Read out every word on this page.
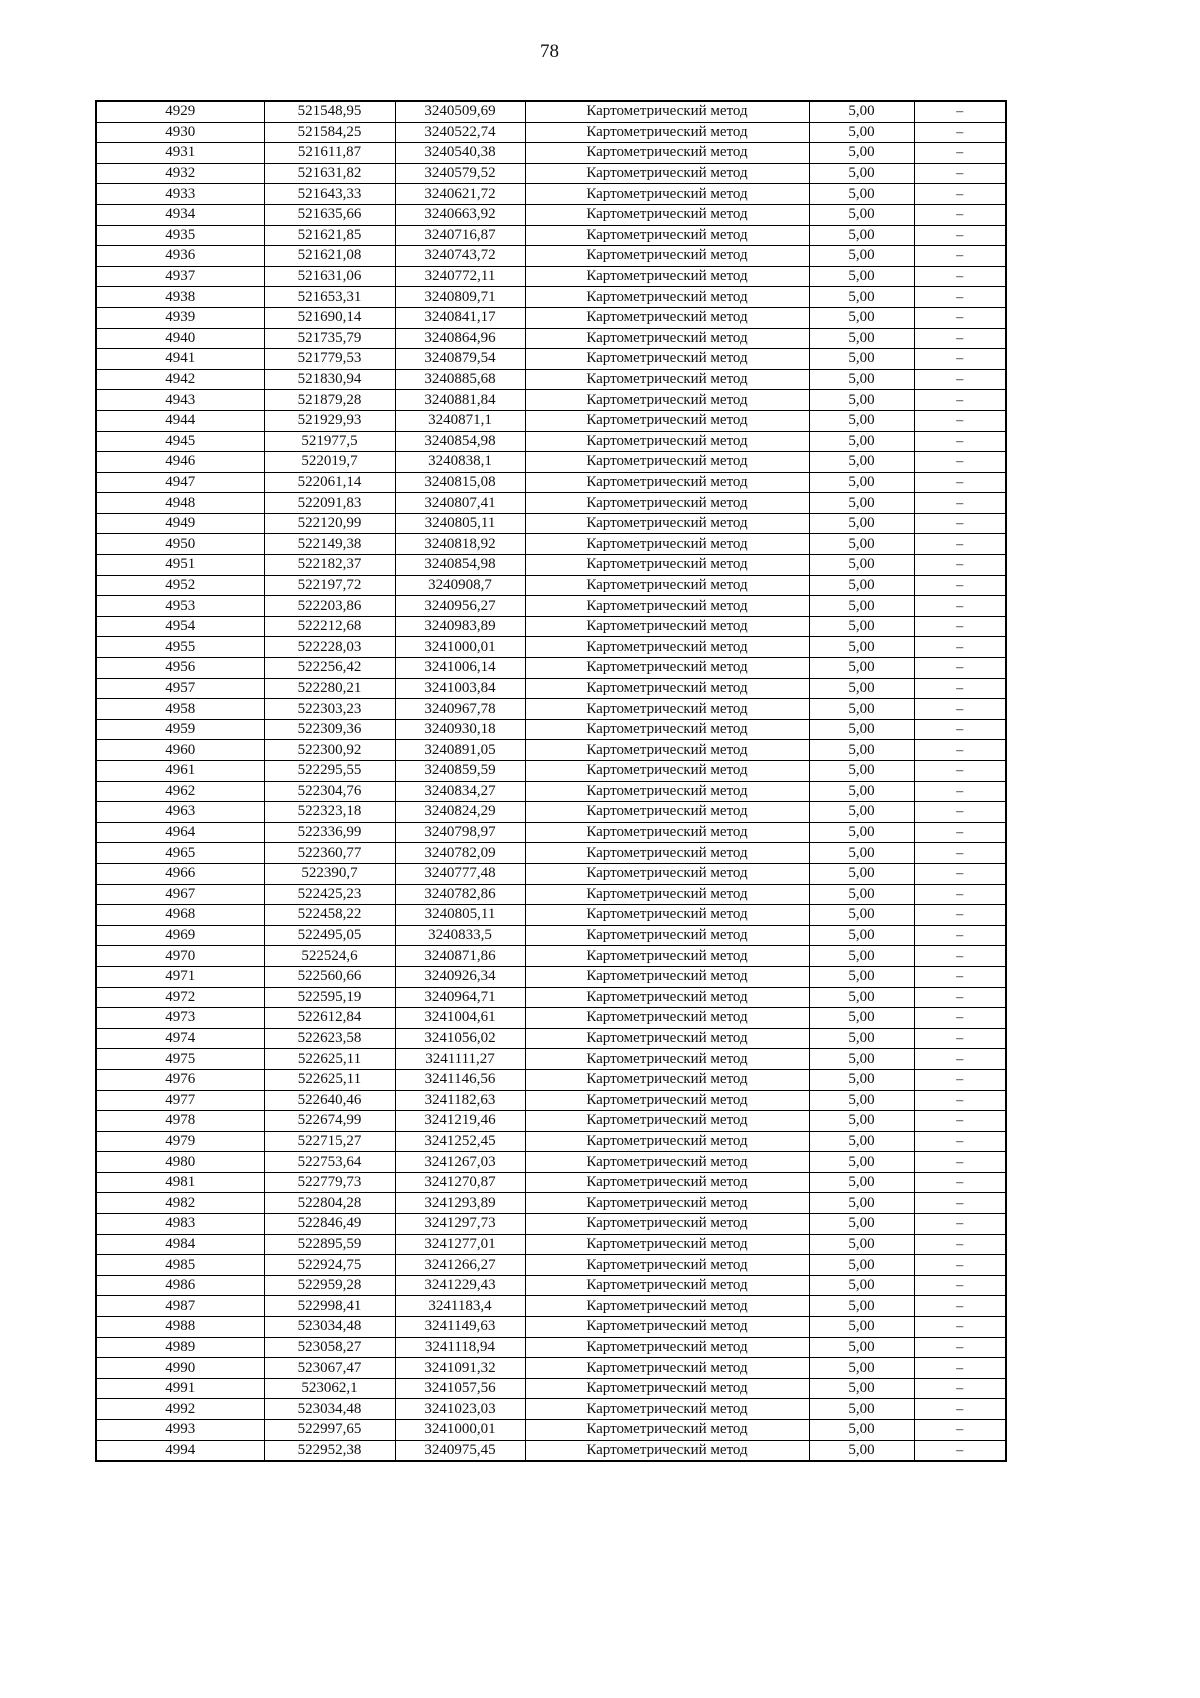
78
4929	521548,95	3240509,69	Картометрический метод	5,00	–
4930	521584,25	3240522,74	Картометрический метод	5,00	–
4931	521611,87	3240540,38	Картометрический метод	5,00	–
4932	521631,82	3240579,52	Картометрический метод	5,00	–
4933	521643,33	3240621,72	Картометрический метод	5,00	–
4934	521635,66	3240663,92	Картометрический метод	5,00	–
4935	521621,85	3240716,87	Картометрический метод	5,00	–
4936	521621,08	3240743,72	Картометрический метод	5,00	–
4937	521631,06	3240772,11	Картометрический метод	5,00	–
4938	521653,31	3240809,71	Картометрический метод	5,00	–
4939	521690,14	3240841,17	Картометрический метод	5,00	–
4940	521735,79	3240864,96	Картометрический метод	5,00	–
4941	521779,53	3240879,54	Картометрический метод	5,00	–
4942	521830,94	3240885,68	Картометрический метод	5,00	–
4943	521879,28	3240881,84	Картометрический метод	5,00	–
4944	521929,93	3240871,1	Картометрический метод	5,00	–
4945	521977,5	3240854,98	Картометрический метод	5,00	–
4946	522019,7	3240838,1	Картометрический метод	5,00	–
4947	522061,14	3240815,08	Картометрический метод	5,00	–
4948	522091,83	3240807,41	Картометрический метод	5,00	–
4949	522120,99	3240805,11	Картометрический метод	5,00	–
4950	522149,38	3240818,92	Картометрический метод	5,00	–
4951	522182,37	3240854,98	Картометрический метод	5,00	–
4952	522197,72	3240908,7	Картометрический метод	5,00	–
4953	522203,86	3240956,27	Картометрический метод	5,00	–
4954	522212,68	3240983,89	Картометрический метод	5,00	–
4955	522228,03	3241000,01	Картометрический метод	5,00	–
4956	522256,42	3241006,14	Картометрический метод	5,00	–
4957	522280,21	3241003,84	Картометрический метод	5,00	–
4958	522303,23	3240967,78	Картометрический метод	5,00	–
4959	522309,36	3240930,18	Картометрический метод	5,00	–
4960	522300,92	3240891,05	Картометрический метод	5,00	–
4961	522295,55	3240859,59	Картометрический метод	5,00	–
4962	522304,76	3240834,27	Картометрический метод	5,00	–
4963	522323,18	3240824,29	Картометрический метод	5,00	–
4964	522336,99	3240798,97	Картометрический метод	5,00	–
4965	522360,77	3240782,09	Картометрический метод	5,00	–
4966	522390,7	3240777,48	Картометрический метод	5,00	–
4967	522425,23	3240782,86	Картометрический метод	5,00	–
4968	522458,22	3240805,11	Картометрический метод	5,00	–
4969	522495,05	3240833,5	Картометрический метод	5,00	–
4970	522524,6	3240871,86	Картометрический метод	5,00	–
4971	522560,66	3240926,34	Картометрический метод	5,00	–
4972	522595,19	3240964,71	Картометрический метод	5,00	–
4973	522612,84	3241004,61	Картометрический метод	5,00	–
4974	522623,58	3241056,02	Картометрический метод	5,00	–
4975	522625,11	3241111,27	Картометрический метод	5,00	–
4976	522625,11	3241146,56	Картометрический метод	5,00	–
4977	522640,46	3241182,63	Картометрический метод	5,00	–
4978	522674,99	3241219,46	Картометрический метод	5,00	–
4979	522715,27	3241252,45	Картометрический метод	5,00	–
4980	522753,64	3241267,03	Картометрический метод	5,00	–
4981	522779,73	3241270,87	Картометрический метод	5,00	–
4982	522804,28	3241293,89	Картометрический метод	5,00	–
4983	522846,49	3241297,73	Картометрический метод	5,00	–
4984	522895,59	3241277,01	Картометрический метод	5,00	–
4985	522924,75	3241266,27	Картометрический метод	5,00	–
4986	522959,28	3241229,43	Картометрический метод	5,00	–
4987	522998,41	3241183,4	Картометрический метод	5,00	–
4988	523034,48	3241149,63	Картометрический метод	5,00	–
4989	523058,27	3241118,94	Картометрический метод	5,00	–
4990	523067,47	3241091,32	Картометрический метод	5,00	–
4991	523062,1	3241057,56	Картометрический метод	5,00	–
4992	523034,48	3241023,03	Картометрический метод	5,00	–
4993	522997,65	3241000,01	Картометрический метод	5,00	–
4994	522952,38	3240975,45	Картометрический метод	5,00	–
